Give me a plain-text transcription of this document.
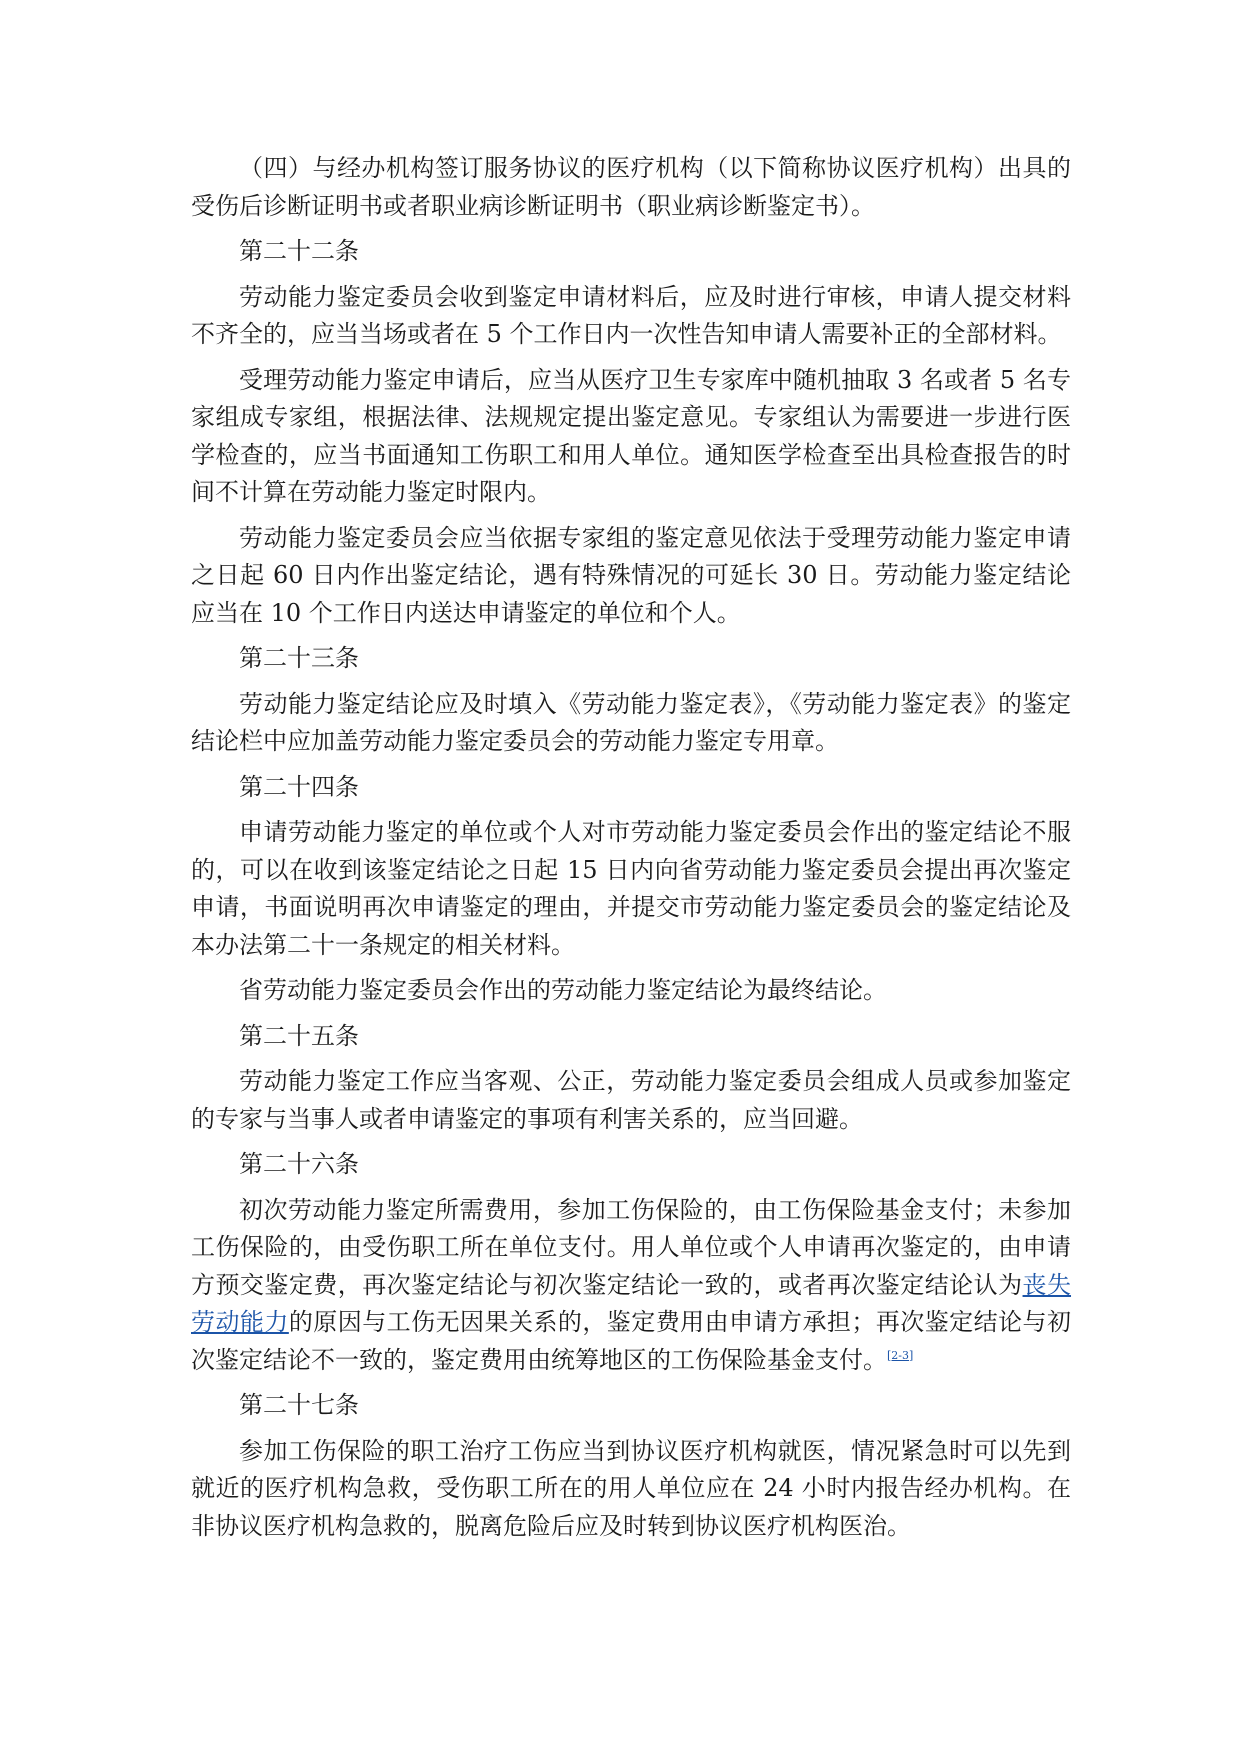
（四）与经办机构签订服务协议的医疗机构（以下简称协议医疗机构）出具的受伤后诊断证明书或者职业病诊断证明书（职业病诊断鉴定书）。

第二十二条

劳动能力鉴定委员会收到鉴定申请材料后，应及时进行审核，申请人提交材料不齐全的，应当当场或者在 5 个工作日内一次性告知申请人需要补正的全部材料。

受理劳动能力鉴定申请后，应当从医疗卫生专家库中随机抽取 3 名或者 5 名专家组成专家组，根据法律、法规规定提出鉴定意见。专家组认为需要进一步进行医学检查的，应当书面通知工伤职工和用人单位。通知医学检查至出具检查报告的时间不计算在劳动能力鉴定时限内。

劳动能力鉴定委员会应当依据专家组的鉴定意见依法于受理劳动能力鉴定申请之日起 60 日内作出鉴定结论，遇有特殊情况的可延长 30 日。劳动能力鉴定结论应当在 10 个工作日内送达申请鉴定的单位和个人。

第二十三条

劳动能力鉴定结论应及时填入《劳动能力鉴定表》，《劳动能力鉴定表》的鉴定结论栏中应加盖劳动能力鉴定委员会的劳动能力鉴定专用章。

第二十四条

申请劳动能力鉴定的单位或个人对市劳动能力鉴定委员会作出的鉴定结论不服的，可以在收到该鉴定结论之日起 15 日内向省劳动能力鉴定委员会提出再次鉴定申请，书面说明再次申请鉴定的理由，并提交市劳动能力鉴定委员会的鉴定结论及本办法第二十一条规定的相关材料。

省劳动能力鉴定委员会作出的劳动能力鉴定结论为最终结论。

第二十五条

劳动能力鉴定工作应当客观、公正，劳动能力鉴定委员会组成人员或参加鉴定的专家与当事人或者申请鉴定的事项有利害关系的，应当回避。

第二十六条

初次劳动能力鉴定所需费用，参加工伤保险的，由工伤保险基金支付；未参加工伤保险的，由受伤职工所在单位支付。用人单位或个人申请再次鉴定的，由申请方预交鉴定费，再次鉴定结论与初次鉴定结论一致的，或者再次鉴定结论认为丧失劳动能力的原因与工伤无因果关系的，鉴定费用由申请方承担；再次鉴定结论与初次鉴定结论不一致的，鉴定费用由统筹地区的工伤保险基金支付。[2-3]

第二十七条

参加工伤保险的职工治疗工伤应当到协议医疗机构就医，情况紧急时可以先到就近的医疗机构急救，受伤职工所在的用人单位应在 24 小时内报告经办机构。在非协议医疗机构急救的，脱离危险后应及时转到协议医疗机构医治。
